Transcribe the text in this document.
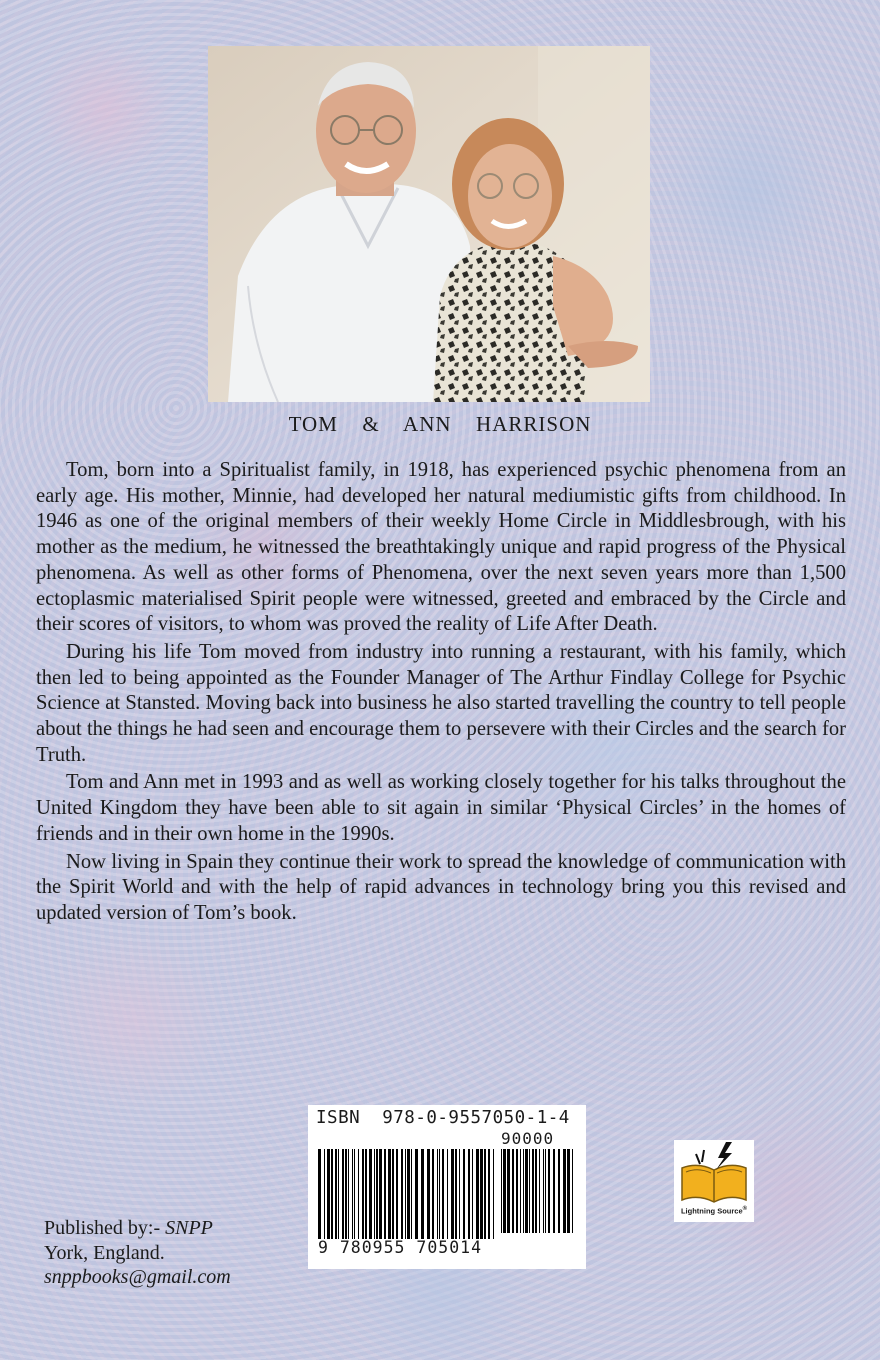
TOM  &  ANN  HARRISON

Tom, born into a Spiritualist family, in 1918, has experienced psychic phenomena from an early age. His mother, Minnie, had developed her natural mediumistic gifts from childhood. In 1946 as one of the original members of their weekly Home Circle in Middlesbrough, with his mother as the medium, he witnessed the breathtakingly unique and rapid progress of the Physical phenomena. As well as other forms of Phenomena, over the next seven years more than 1,500 ectoplasmic materialised Spirit people were witnessed, greeted and embraced by the Circle and their scores of visitors, to whom was proved the reality of Life After Death.

During his life Tom moved from industry into running a restaurant, with his family, which then led to being appointed as the Founder Manager of The Arthur Findlay College for Psychic Science at Stansted. Moving back into business he also started travelling the country to tell people about the things he had seen and encourage them to persevere with their Circles and the search for Truth.

Tom and Ann met in 1993 and as well as working closely together for his talks throughout the United Kingdom they have been able to sit again in similar ‘Physical Circles’ in the homes of friends and in their own home in the 1990s.

Now living in Spain they continue their work to spread the knowledge of communication with the Spirit World and with the help of rapid advances in technology bring you this revised and updated version of Tom’s book.

ISBN  978-0-9557050-1-4
90000
9 780955 705014
Lightning Source®
Published by:- SNPP
York, England.
snppbooks@gmail.com
